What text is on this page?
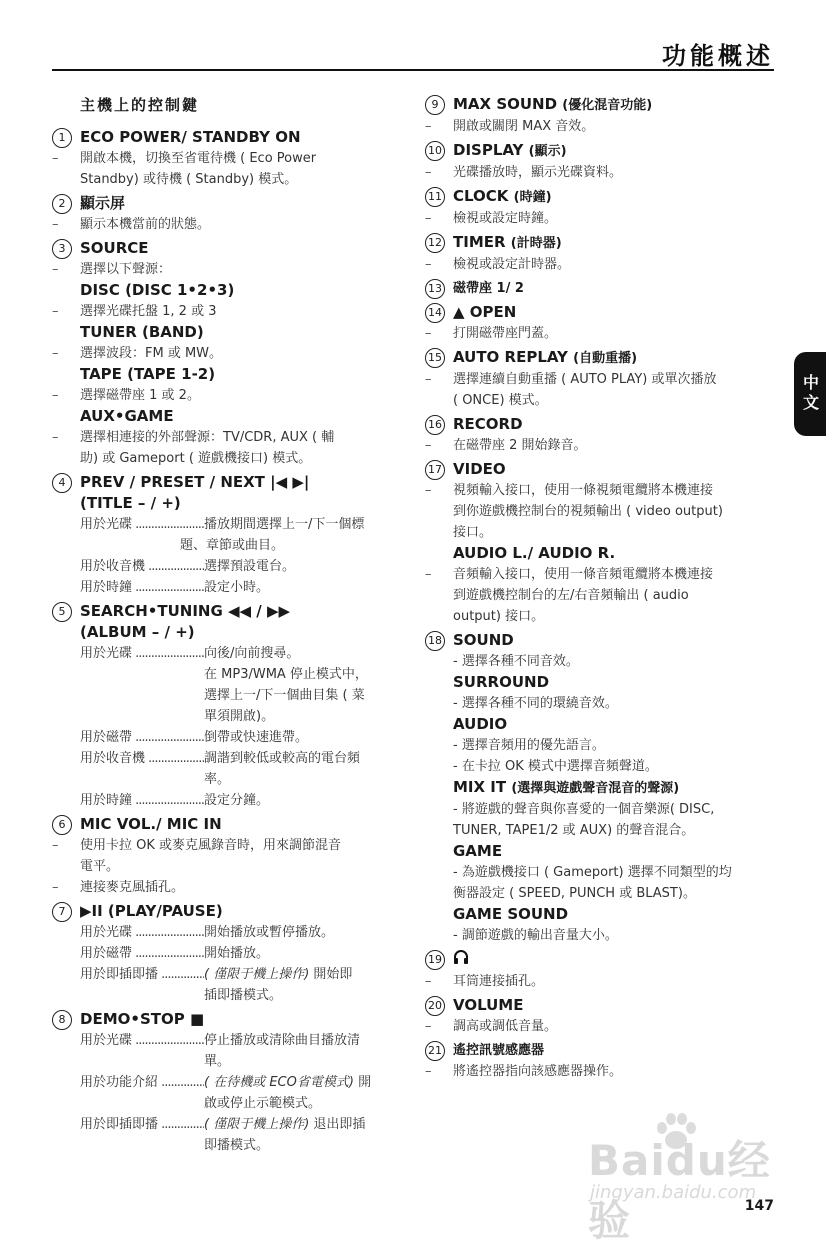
功能概述
主機上的控制鍵
1 ECO POWER/ STANDBY ON
–	開啟本機，切換至省電待機 ( Eco Power
Standby) 或待機 ( Standby) 模式。
2 顯示屏
–	顯示本機當前的狀態。
3 SOURCE
–	選擇以下聲源：
DISC (DISC 1•2•3)
–	選擇光碟托盤 1, 2 或 3
TUNER (BAND)
–	選擇波段：FM 或 MW。
TAPE (TAPE 1-2)
–	選擇磁帶座 1 或 2。
AUX•GAME
–	選擇相連接的外部聲源：TV/CDR, AUX ( 輔
助) 或 Gameport ( 遊戲機接口) 模式。
4 PREV / PRESET / NEXT |◀ ▶|
(TITLE – / +)
用於光碟 .....	播放期間選擇上一/下一個標
題、章節或曲目。
用於收音機 .....	選擇預設電台。
用於時鐘 .....	設定小時。
5 SEARCH•TUNING ◀◀ / ▶▶
(ALBUM – / +)
用於光碟 .....	向後/向前搜尋。
在 MP3/WMA 停止模式中，
選擇上一/下一個曲目集 ( 菜
單須開啟)。
用於磁帶 .....	倒帶或快速進帶。
用於收音機 .....	調諧到較低或較高的電台頻
率。
用於時鐘 .....	設定分鐘。
6 MIC VOL./ MIC IN
–	使用卡拉 OK 或麥克風錄音時，用來調節混音
電平。
–	連接麥克風插孔。
7 ▶II (PLAY/PAUSE)
用於光碟 .....	開始播放或暫停播放。
用於磁帶 .....	開始播放。
用於即插即播 .....	( 僅限于機上操作) 開始即
插即播模式。
8 DEMO•STOP ■
用於光碟 .....	停止播放或清除曲目播放清
單。
用於功能介紹 .....	( 在待機或 ECO省電模式) 開
啟或停止示範模式。
用於即插即播 .....	( 僅限于機上操作) 退出即插
即播模式。
9 MAX SOUND (優化混音功能)
–	開啟或關閉 MAX 音效。
10 DISPLAY (顯示)
–	光碟播放時，顯示光碟資料。
11 CLOCK (時鐘)
–	檢視或設定時鐘。
12 TIMER (計時器)
–	檢視或設定計時器。
13 磁帶座 1/ 2
14 ▲ OPEN
–	打開磁帶座門蓋。
15 AUTO REPLAY (自動重播)
–	選擇連續自動重播 ( AUTO PLAY) 或單次播放
( ONCE) 模式。
16 RECORD
–	在磁帶座 2 開始錄音。
17 VIDEO
–	視頻輸入接口，使用一條視頻電纜將本機連接
到你遊戲機控制台的視頻輸出 ( video output)
接口。
AUDIO L./ AUDIO R.
–	音頻輸入接口，使用一條音頻電纜將本機連接
到遊戲機控制台的左/右音頻輸出 ( audio
output) 接口。
18 SOUND
- 選擇各種不同音效。
SURROUND
- 選擇各種不同的環繞音效。
AUDIO
- 選擇音頻用的優先語言。
- 在卡拉 OK 模式中選擇音頻聲道。
MIX IT (選擇與遊戲聲音混音的聲源)
- 將遊戲的聲音與你喜愛的一個音樂源( DISC,
TUNER, TAPE1/2 或 AUX) 的聲音混合。
GAME
- 為遊戲機接口 ( Gameport) 選擇不同類型的均
衡器設定 ( SPEED, PUNCH 或 BLAST)。
GAME SOUND
- 調節遊戲的輸出音量大小。
19
–	耳筒連接插孔。
20 VOLUME
–	調高或調低音量。
21 遙控訊號感應器
–	將遙控器指向該感應器操作。
中文
Baidu经验
jingyan.baidu.com
147
